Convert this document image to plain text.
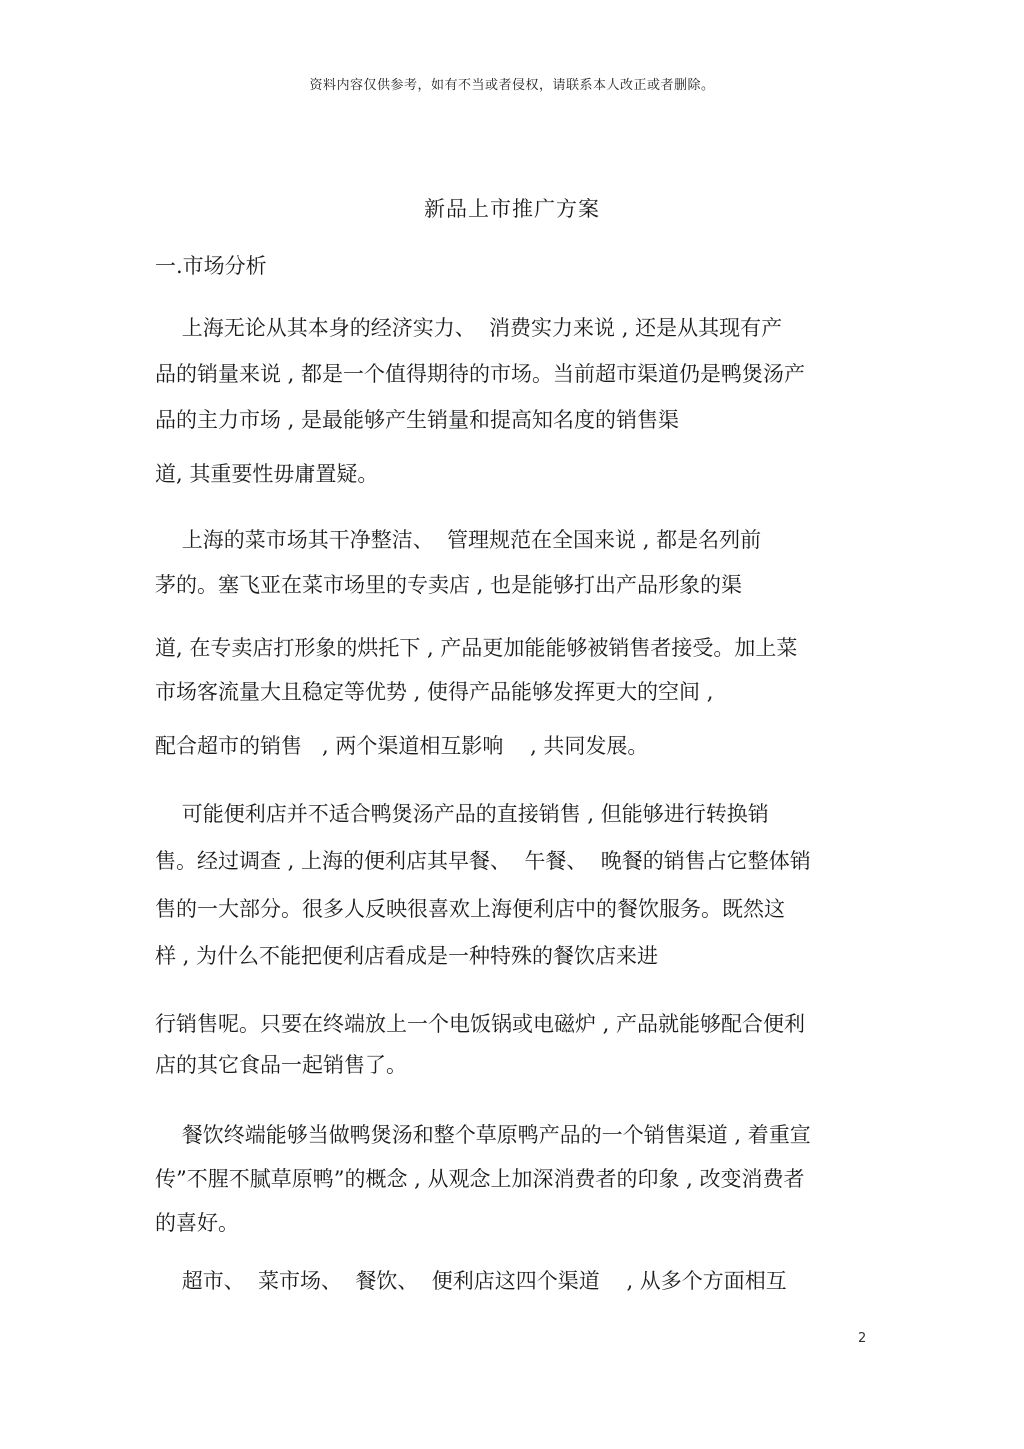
资料内容仅供参考，如有不当或者侵权，请联系本人改正或者删除。
新品上市推广方案
一.市场分析
上海无论从其本身的经济实力、  消费实力来说 , 还是从其现有产
品的销量来说 , 都是一个值得期待的市场。当前超市渠道仍是鸭煲汤产
品的主力市场 , 是最能够产生销量和提高知名度的销售渠
道, 其重要性毋庸置疑。
上海的菜市场其干净整洁、  管理规范在全国来说 , 都是名列前
茅的。塞飞亚在菜市场里的专卖店 , 也是能够打出产品形象的渠
道, 在专卖店打形象的烘托下 , 产品更加能能够被销售者接受。加上菜
市场客流量大且稳定等优势 , 使得产品能够发挥更大的空间 ,
配合超市的销售   , 两个渠道相互影响    , 共同发展。
可能便利店并不适合鸭煲汤产品的直接销售 , 但能够进行转换销
售。经过调查 , 上海的便利店其早餐、  午餐、  晚餐的销售占它整体销
售的一大部分。很多人反映很喜欢上海便利店中的餐饮服务。既然这
样 , 为什么不能把便利店看成是一种特殊的餐饮店来进
行销售呢。只要在终端放上一个电饭锅或电磁炉 , 产品就能够配合便利
店的其它食品一起销售了。
餐饮终端能够当做鸭煲汤和整个草原鸭产品的一个销售渠道 , 着重宣
传”不腥不腻草原鸭”的概念 , 从观念上加深消费者的印象 , 改变消费者
的喜好。
超市、  菜市场、  餐饮、  便利店这四个渠道    , 从多个方面相互
2
